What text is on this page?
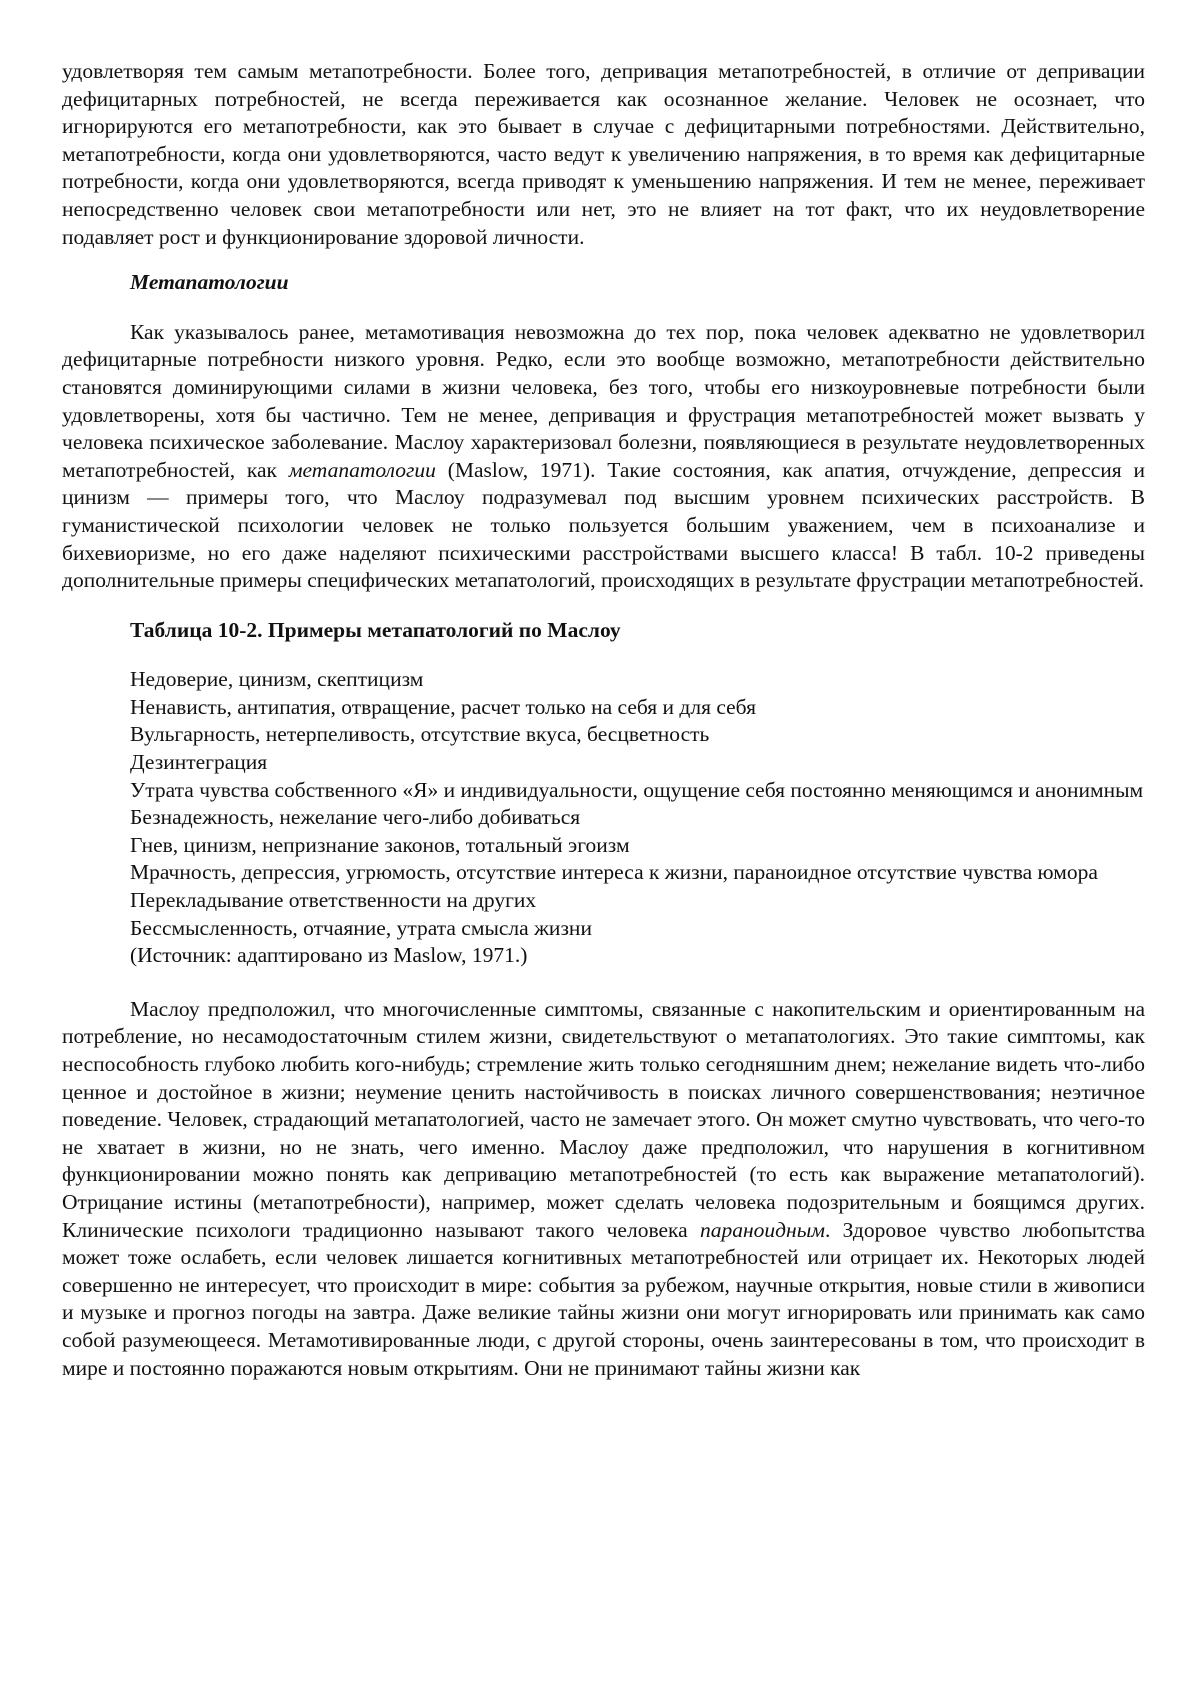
удовлетворяя тем самым метапотребности. Более того, депривация метапотребностей, в отличие от депривации дефицитарных потребностей, не всегда переживается как осознанное желание. Человек не осознает, что игнорируются его метапотребности, как это бывает в случае с дефицитарными потребностями. Действительно, метапотребности, когда они удовлетворяются, часто ведут к увеличению напряжения, в то время как дефицитарные потребности, когда они удовлетворяются, всегда приводят к уменьшению напряжения. И тем не менее, переживает непосредственно человек свои метапотребности или нет, это не влияет на тот факт, что их неудовлетворение подавляет рост и функционирование здоровой личности.

Метапатологии

Как указывалось ранее, метамотивация невозможна до тех пор, пока человек адекватно не удовлетворил дефицитарные потребности низкого уровня. Редко, если это вообще возможно, метапотребности действительно становятся доминирующими силами в жизни человека, без того, чтобы его низкоуровневые потребности были удовлетворены, хотя бы частично. Тем не менее, депривация и фрустрация метапотребностей может вызвать у человека психическое заболевание. Маслоу характеризовал болезни, появляющиеся в результате неудовлетворенных метапотребностей, как метапатологии (Maslow, 1971). Такие состояния, как апатия, отчуждение, депрессия и цинизм — примеры того, что Маслоу подразумевал под высшим уровнем психических расстройств. В гуманистической психологии человек не только пользуется большим уважением, чем в психоанализе и бихевиоризме, но его даже наделяют психическими расстройствами высшего класса! В табл. 10-2 приведены дополнительные примеры специфических метапатологий, происходящих в результате фрустрации метапотребностей.

Таблица 10-2. Примеры метапатологий по Маслоу

Недоверие, цинизм, скептицизм
Ненависть, антипатия, отвращение, расчет только на себя и для себя
Вульгарность, нетерпеливость, отсутствие вкуса, бесцветность
Дезинтеграция
Утрата чувства собственного «Я» и индивидуальности, ощущение себя постоянно меняющимся и анонимным
Безнадежность, нежелание чего-либо добиваться
Гнев, цинизм, непризнание законов, тотальный эгоизм
Мрачность, депрессия, угрюмость, отсутствие интереса к жизни, параноидное отсутствие чувства юмора
Перекладывание ответственности на других
Бессмысленность, отчаяние, утрата смысла жизни

(Источник: адаптировано из Maslow, 1971.)

Маслоу предположил, что многочисленные симптомы, связанные с накопительским и ориентированным на потребление, но несамодостаточным стилем жизни, свидетельствуют о метапатологиях. Это такие симптомы, как неспособность глубоко любить кого-нибудь; стремление жить только сегодняшним днем; нежелание видеть что-либо ценное и достойное в жизни; неумение ценить настойчивость в поисках личного совершенствования; неэтичное поведение. Человек, страдающий метапатологией, часто не замечает этого. Он может смутно чувствовать, что чего-то не хватает в жизни, но не знать, чего именно. Маслоу даже предположил, что нарушения в когнитивном функционировании можно понять как депривацию метапотребностей (то есть как выражение метапатологий). Отрицание истины (метапотребности), например, может сделать человека подозрительным и боящимся других. Клинические психологи традиционно называют такого человека параноидным. Здоровое чувство любопытства может тоже ослабеть, если человек лишается когнитивных метапотребностей или отрицает их. Некоторых людей совершенно не интересует, что происходит в мире: события за рубежом, научные открытия, новые стили в живописи и музыке и прогноз погоды на завтра. Даже великие тайны жизни они могут игнорировать или принимать как само собой разумеющееся. Метамотивированные люди, с другой стороны, очень заинтересованы в том, что происходит в мире и постоянно поражаются новым открытиям. Они не принимают тайны жизни как
